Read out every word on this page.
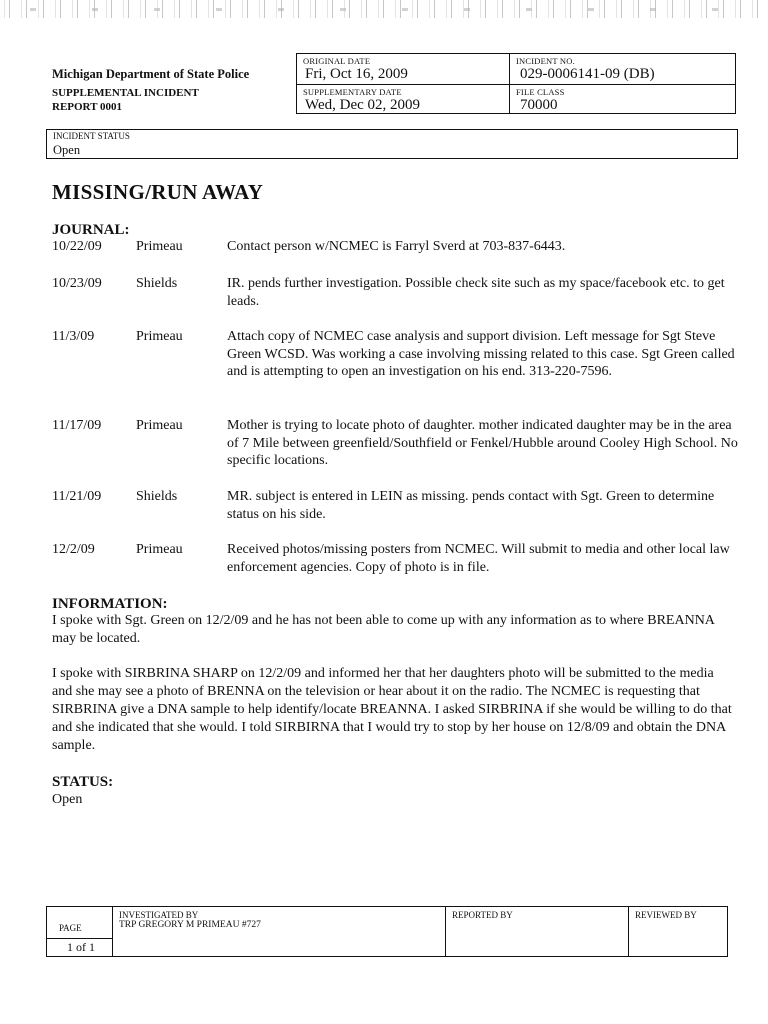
Michigan Department of State Police
SUPPLEMENTAL INCIDENT
REPORT 0001
ORIGINAL DATE
Fri, Oct 16, 2009
INCIDENT NO.
029-0006141-09 (DB)
SUPPLEMENTARY DATE
Wed, Dec 02, 2009
FILE CLASS
70000
INCIDENT STATUS
Open
MISSING/RUN AWAY
JOURNAL:
10/22/09 Primeau	Contact person w/NCMEC is Farryl Sverd at 703-837-6443.
10/23/09 Shields	IR. pends further investigation. Possible check site such as my space/facebook etc. to get leads.
11/3/09	Primeau	Attach copy of NCMEC case analysis and support division. Left message for Sgt Steve Green WCSD. Was working a case involving missing related to this case. Sgt Green called and is attempting to open an investigation on his end. 313-220-7596.
11/17/09 Primeau	Mother is trying to locate photo of daughter. mother indicated daughter may be in the area of 7 Mile between greenfield/Southfield or Fenkel/Hubble around Cooley High School. No specific locations.
11/21/09 Shields	MR. subject is entered in LEIN as missing. pends contact with Sgt. Green to determine status on his side.
12/2/09	Primeau	Received photos/missing posters from NCMEC. Will submit to media and other local law enforcement agencies. Copy of photo is in file.
INFORMATION:
I spoke with Sgt. Green on 12/2/09 and he has not been able to come up with any information as to where BREANNA may be located.
I spoke with SIRBRINA SHARP on 12/2/09 and informed her that her daughters photo will be submitted to the media and she may see a photo of BRENNA on the television or hear about it on the radio. The NCMEC is requesting that SIRBRINA give a DNA sample to help identify/locate BREANNA. I asked SIRBRINA if she would be willing to do that and she indicated that she would. I told SIRBIRNA that I would try to stop by her house on 12/8/09 and obtain the DNA sample.
STATUS:
Open
PAGE
1 of 1
INVESTIGATED BY
TRP GREGORY M PRIMEAU #727
REPORTED BY	REVIEWED BY
